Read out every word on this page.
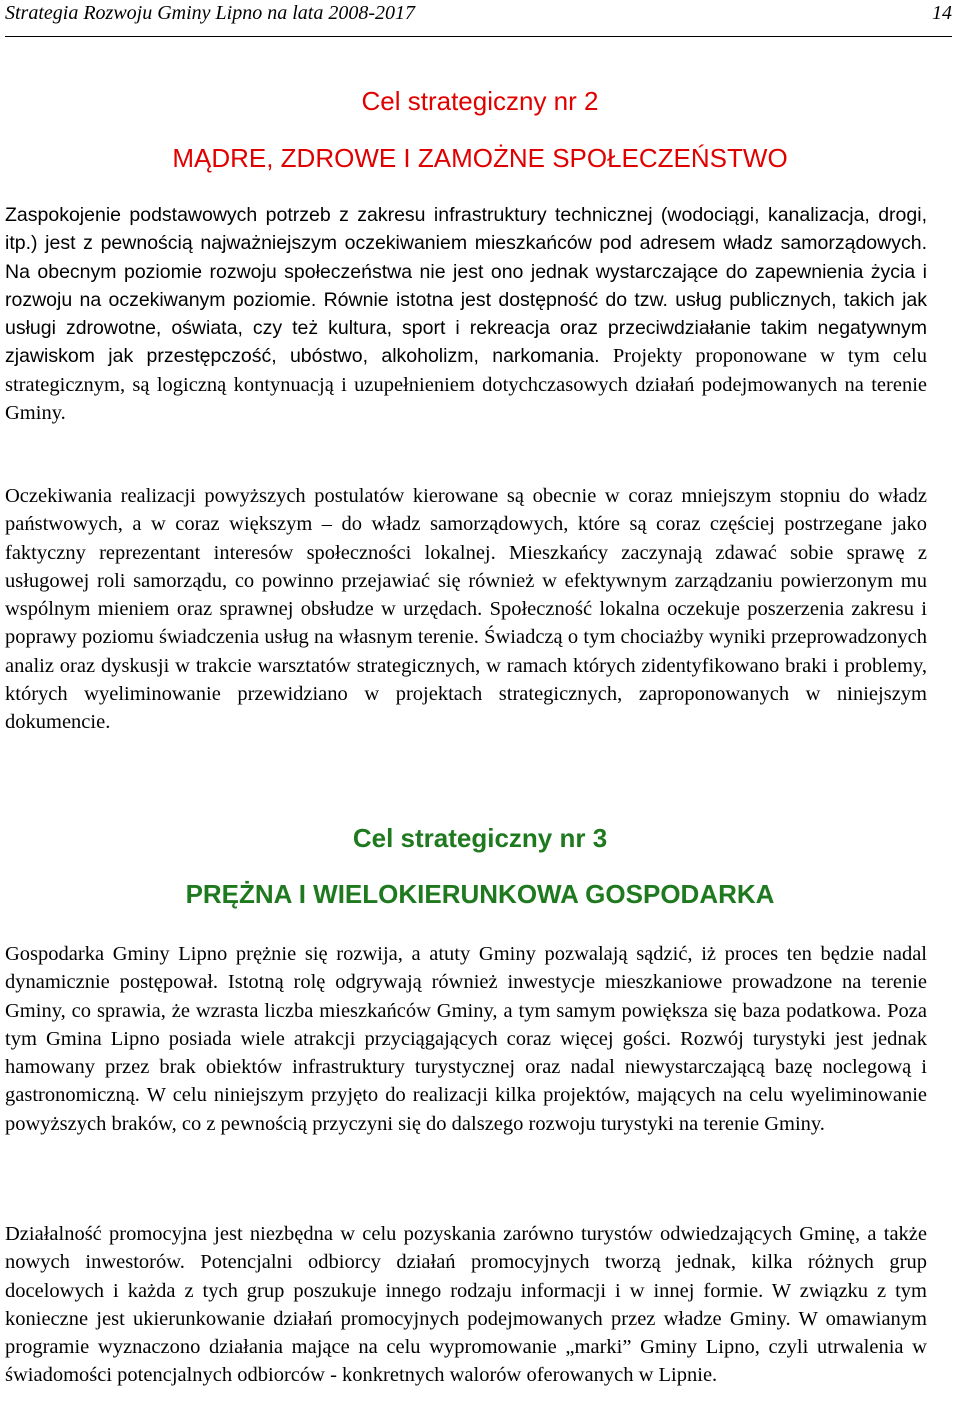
Strategia Rozwoju Gminy Lipno na lata 2008-2017	14
Cel strategiczny nr 2
MĄDRE, ZDROWE I ZAMOŻNE SPOŁECZEŃSTWO

Zaspokojenie podstawowych potrzeb z zakresu infrastruktury technicznej (wodociągi, kanalizacja, drogi, itp.) jest z pewnością najważniejszym oczekiwaniem mieszkańców pod adresem władz samorządowych. Na obecnym poziomie rozwoju społeczeństwa nie jest ono jednak wystarczające do zapewnienia życia i rozwoju na oczekiwanym poziomie. Równie istotna jest dostępność do tzw. usług publicznych, takich jak usługi zdrowotne, oświata, czy też kultura, sport i rekreacja oraz przeciwdziałanie takim negatywnym zjawiskom jak przestępczość, ubóstwo, alkoholizm, narkomania. Projekty proponowane w tym celu strategicznym, są logiczną kontynuacją i uzupełnieniem dotychczasowych działań podejmowanych na terenie Gminy.

Oczekiwania realizacji powyższych postulatów kierowane są obecnie w coraz mniejszym stopniu do władz państwowych, a w coraz większym – do władz samorządowych, które są coraz częściej postrzegane jako faktyczny reprezentant interesów społeczności lokalnej. Mieszkańcy zaczynają zdawać sobie sprawę z usługowej roli samorządu, co powinno przejawiać się również w efektywnym zarządzaniu powierzonym mu wspólnym mieniem oraz sprawnej obsłudze w urzędach. Społeczność lokalna oczekuje poszerzenia zakresu i poprawy poziomu świadczenia usług na własnym terenie. Świadczą o tym chociażby wyniki przeprowadzonych analiz oraz dyskusji w trakcie warsztatów strategicznych, w ramach których zidentyfikowano braki i problemy, których wyeliminowanie przewidziano w projektach strategicznych, zaproponowanych w niniejszym dokumencie.

Cel strategiczny nr 3
PRĘŻNA I WIELOKIERUNKOWA GOSPODARKA

Gospodarka Gminy Lipno prężnie się rozwija, a atuty Gminy pozwalają sądzić, iż proces ten będzie nadal dynamicznie postępował. Istotną rolę odgrywają również inwestycje mieszkaniowe prowadzone na terenie Gminy, co sprawia, że wzrasta liczba mieszkańców Gminy, a tym samym powiększa się baza podatkowa. Poza tym Gmina Lipno posiada wiele atrakcji przyciągających coraz więcej gości. Rozwój turystyki jest jednak hamowany przez brak obiektów infrastruktury turystycznej oraz nadal niewystarczającą bazę noclegową i gastronomiczną. W celu niniejszym przyjęto do realizacji kilka projektów, mających na celu wyeliminowanie powyższych braków, co z pewnością przyczyni się do dalszego rozwoju turystyki na terenie Gminy.

Działalność promocyjna jest niezbędna w celu pozyskania zarówno turystów odwiedzających Gminę, a także nowych inwestorów. Potencjalni odbiorcy działań promocyjnych tworzą jednak, kilka różnych grup docelowych i każda z tych grup poszukuje innego rodzaju informacji i w innej formie. W związku z tym konieczne jest ukierunkowanie działań promocyjnych podejmowanych przez władze Gminy. W omawianym programie wyznaczono działania mające na celu wypromowanie „marki” Gminy Lipno, czyli utrwalenia w świadomości potencjalnych odbiorców - konkretnych walorów oferowanych w Lipnie.
